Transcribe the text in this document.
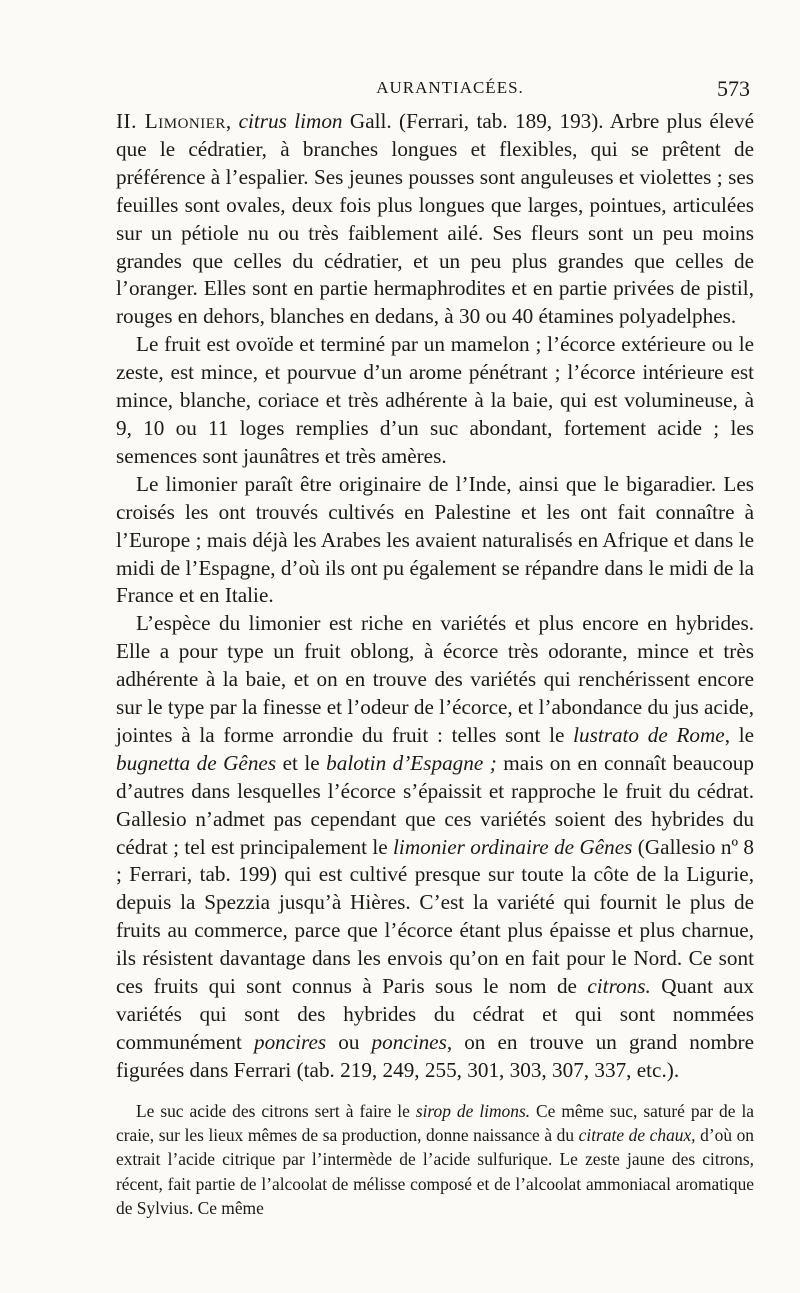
AURANTIACÉES.	573

II. Limonier, citrus limon Gall. (Ferrari, tab. 189, 193). Arbre plus élevé que le cédratier, à branches longues et flexibles, qui se prêtent de préférence à l’espalier. Ses jeunes pousses sont anguleuses et violettes ; ses feuilles sont ovales, deux fois plus longues que larges, pointues, articulées sur un pétiole nu ou très faiblement ailé. Ses fleurs sont un peu moins grandes que celles du cédratier, et un peu plus grandes que celles de l’oranger. Elles sont en partie hermaphrodites et en partie privées de pistil, rouges en dehors, blanches en dedans, à 30 ou 40 étamines polyadelphes.

Le fruit est ovoïde et terminé par un mamelon ; l’écorce extérieure ou le zeste, est mince, et pourvue d’un arome pénétrant ; l’écorce intérieure est mince, blanche, coriace et très adhérente à la baie, qui est volumineuse, à 9, 10 ou 11 loges remplies d’un suc abondant, fortement acide ; les semences sont jaunâtres et très amères.

Le limonier paraît être originaire de l’Inde, ainsi que le bigaradier. Les croisés les ont trouvés cultivés en Palestine et les ont fait connaître à l’Europe ; mais déjà les Arabes les avaient naturalisés en Afrique et dans le midi de l’Espagne, d’où ils ont pu également se répandre dans le midi de la France et en Italie.

L’espèce du limonier est riche en variétés et plus encore en hybrides. Elle a pour type un fruit oblong, à écorce très odorante, mince et très adhérente à la baie, et on en trouve des variétés qui renchérissent encore sur le type par la finesse et l’odeur de l’écorce, et l’abondance du jus acide, jointes à la forme arrondie du fruit : telles sont le lustrato de Rome, le bugnetta de Gênes et le balotin d’Espagne ; mais on en connaît beaucoup d’autres dans lesquelles l’écorce s’épaissit et rapproche le fruit du cédrat. Gallesio n’admet pas cependant que ces variétés soient des hybrides du cédrat ; tel est principalement le limonier ordinaire de Gênes (Gallesio nº 8 ; Ferrari, tab. 199) qui est cultivé presque sur toute la côte de la Ligurie, depuis la Spezzia jusqu’à Hières. C’est la variété qui fournit le plus de fruits au commerce, parce que l’écorce étant plus épaisse et plus charnue, ils résistent davantage dans les envois qu’on en fait pour le Nord. Ce sont ces fruits qui sont connus à Paris sous le nom de citrons. Quant aux variétés qui sont des hybrides du cédrat et qui sont nommées communément poncires ou poncines, on en trouve un grand nombre figurées dans Ferrari (tab. 219, 249, 255, 301, 303, 307, 337, etc.).

Le suc acide des citrons sert à faire le sirop de limons. Ce même suc, saturé par de la craie, sur les lieux mêmes de sa production, donne naissance à du citrate de chaux, d’où on extrait l’acide citrique par l’intermède de l’acide sulfurique. Le zeste jaune des citrons, récent, fait partie de l’alcoolat de mélisse composé et de l’alcoolat ammoniacal aromatique de Sylvius. Ce même
